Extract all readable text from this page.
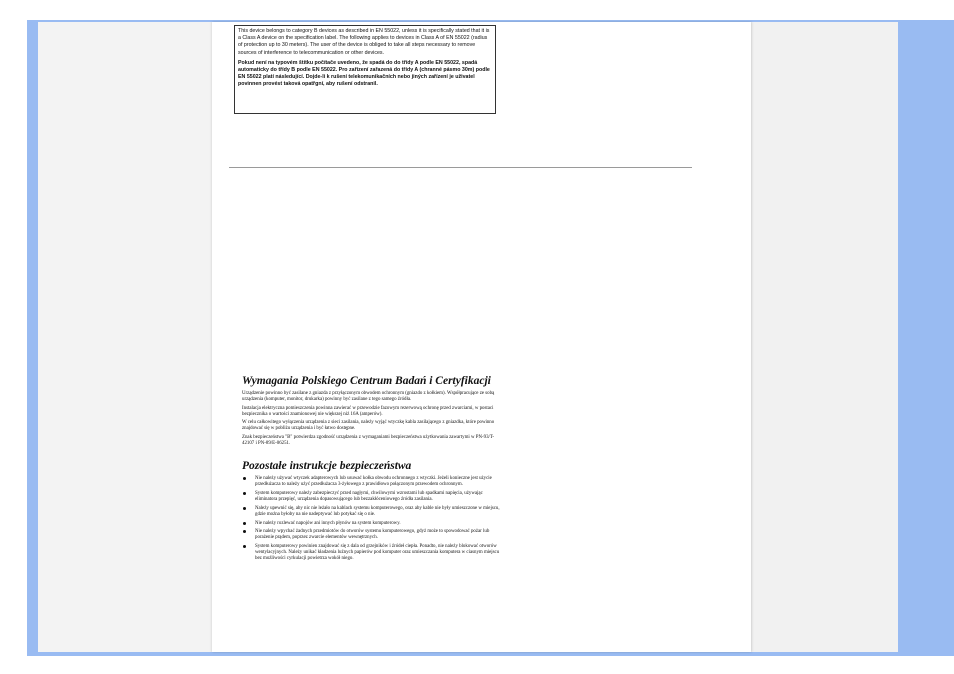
This device belongs to category B devices as described in EN 55022, unless it is specifically stated that it is a Class A device on the specification label. The following applies to devices in Class A of EN 55022 (radius of protection up to 30 meters). The user of the device is obliged to take all steps necessary to remove sources of interference to telecommunication or other devices.

Pokud není na typovém štítku počítače uvedeno, že spadá do do třídy A podle EN 55022, spadá automaticky do třídy B podle EN 55022. Pro zařízení zařazená do třídy A (chranné pásmo 30m) podle EN 55022 platí následující. Dojde-li k rušení telekomunikačních nebo jiných zařízení je uživatel povinnen provést taková opatřgní, aby rušení odstranil.

Wymagania Polskiego Centrum Badań i Certyfikacji

Urządzenie powinno być zasilane z gniazda z przyłączonym obwodem ochronnym (gniazdo z kołkiem). Współpracujące ze sobą urządzenia (komputer, monitor, drukarka) powinny być zasilane z tego samego źródła.

Instalacja elektryczna pomieszczenia powinna zawierać w przewodzie fazowym rezerwową ochronę przed zwarciami, w postaci bezpiecznika o wartości znamionowej nie większej niż 16A (amperów).

W celu całkowitego wyłączenia urządzenia z sieci zasilania, należy wyjąć wtyczkę kabla zasilającego z gniazdka, które powinno znajdować się w pobliżu urządzenia i być łatwo dostępne.

Znak bezpieczeństwa "B" potwierdza zgodność urządzenia z wymaganiami bezpieczeństwa użytkowania zawartymi w PN-93/T-42107 i PN-89/E-06251.

Pozostałe instrukcje bezpieczeństwa
Nie należy używać wtyczek adapterowych lub usuwać kołka obwodu ochronnego z wtyczki. Jeżeli konieczne jest użycie przedłużacza to należy użyć przedłużacza 3-żyłowego z prawidłowo połączonym przewodem ochronnym.
System komputerowy należy zabezpieczyć przed nagłymi, chwilowymi wzrostami lub spadkami napięcia, używając eliminatora przepięć, urządzenia dopasowującego lub bezzakłóceniowego źródła zasilania.
Należy upewnić się, aby nic nie leżało na kablach systemu komputerowego, oraz aby kable nie były umieszczone w miejscu, gdzie można byłoby na nie nadeptywać lub potykać się o nie.
Nie należy rozlewać napojów ani innych płynów na system komputerowy.
Nie należy wpychać żadnych przedmiotów do otworów systemu komputerowego, gdyż może to spowodować pożar lub porażenie prądem, poprzez zwarcie elementów wewnętrznych.
System komputerowy powinien znajdować się z dala od grzejników i źródeł ciepła. Ponadto, nie należy blokować otworów wentylacyjnych. Należy unikać kładzenia luźnych papierów pod komputer oraz umieszczania komputera w ciasnym miejscu bez możliwości cyrkulacji powietrza wokół niego.
